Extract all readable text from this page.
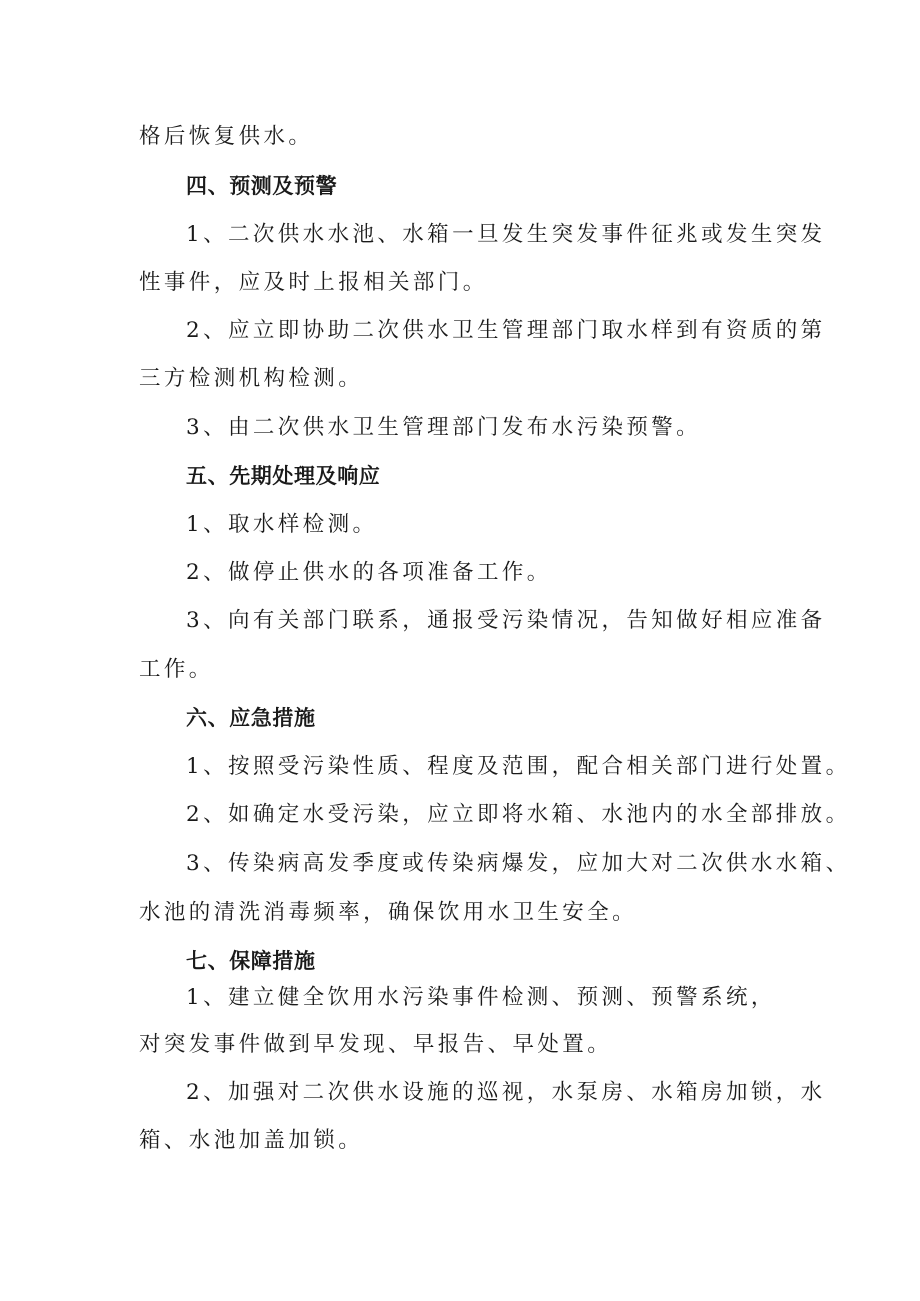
格后恢复供水。
四、预测及预警
1、二次供水水池、水箱一旦发生突发事件征兆或发生突发
性事件，应及时上报相关部门。
2、应立即协助二次供水卫生管理部门取水样到有资质的第
三方检测机构检测。
3、由二次供水卫生管理部门发布水污染预警。
五、先期处理及响应
1、取水样检测。
2、做停止供水的各项准备工作。
3、向有关部门联系，通报受污染情况，告知做好相应准备
工作。
六、应急措施
1、按照受污染性质、程度及范围，配合相关部门进行处置。
2、如确定水受污染，应立即将水箱、水池内的水全部排放。
3、传染病高发季度或传染病爆发，应加大对二次供水水箱、
水池的清洗消毒频率，确保饮用水卫生安全。
七、保障措施
1、建立健全饮用水污染事件检测、预测、预警系统，
对突发事件做到早发现、早报告、早处置。
2、加强对二次供水设施的巡视，水泵房、水箱房加锁，水
箱、水池加盖加锁。
